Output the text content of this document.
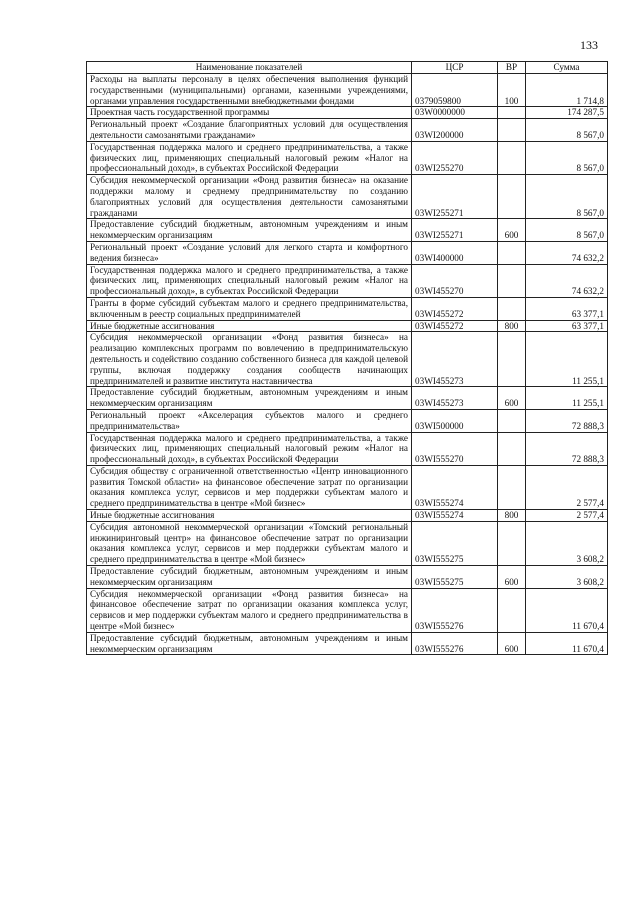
133
Наименование показателей	ЦСР	ВР	Сумма
Расходы на выплаты персоналу в целях обеспечения выполнения функций государственными (муниципальными) органами, казенными учреждениями, органами управления государственными внебюджетными фондами	0379059800	100	1 714,8
Проектная часть государственной программы	03W0000000		174 287,5
Региональный проект «Создание благоприятных условий для осуществления деятельности самозанятыми гражданами»	03WI200000		8 567,0
Государственная поддержка малого и среднего предпринимательства, а также физических лиц, применяющих специальный налоговый режим «Налог на профессиональный доход», в субъектах Российской Федерации	03WI255270		8 567,0
Субсидия некоммерческой организации «Фонд развития бизнеса» на оказание поддержки малому и среднему предпринимательству по созданию благоприятных условий для осуществления деятельности самозанятыми гражданами	03WI255271		8 567,0
Предоставление субсидий бюджетным, автономным учреждениям и иным некоммерческим организациям	03WI255271	600	8 567,0
Региональный проект «Создание условий для легкого старта и комфортного ведения бизнеса»	03WI400000		74 632,2
Государственная поддержка малого и среднего предпринимательства, а также физических лиц, применяющих специальный налоговый режим «Налог на профессиональный доход», в субъектах Российской Федерации	03WI455270		74 632,2
Гранты в форме субсидий субъектам малого и среднего предпринимательства, включенным в реестр социальных предпринимателей	03WI455272		63 377,1
Иные бюджетные ассигнования	03WI455272	800	63 377,1
Субсидия некоммерческой организации «Фонд развития бизнеса» на реализацию комплексных программ по вовлечению в предпринимательскую деятельность и содействию созданию собственного бизнеса для каждой целевой группы, включая поддержку создания сообществ начинающих предпринимателей и развитие института наставничества	03WI455273		11 255,1
Предоставление субсидий бюджетным, автономным учреждениям и иным некоммерческим организациям	03WI455273	600	11 255,1
Региональный проект «Акселерация субъектов малого и среднего предпринимательства»	03WI500000		72 888,3
Государственная поддержка малого и среднего предпринимательства, а также физических лиц, применяющих специальный налоговый режим «Налог на профессиональный доход», в субъектах Российской Федерации	03WI555270		72 888,3
Субсидия обществу с ограниченной ответственностью «Центр инновационного развития Томской области» на финансовое обеспечение затрат по организации оказания комплекса услуг, сервисов и мер поддержки субъектам малого и среднего предпринимательства в центре «Мой бизнес»	03WI555274		2 577,4
Иные бюджетные ассигнования	03WI555274	800	2 577,4
Субсидия автономной некоммерческой организации «Томский региональный инжиниринговый центр» на финансовое обеспечение затрат по организации оказания комплекса услуг, сервисов и мер поддержки субъектам малого и среднего предпринимательства в центре «Мой бизнес»	03WI555275		3 608,2
Предоставление субсидий бюджетным, автономным учреждениям и иным некоммерческим организациям	03WI555275	600	3 608,2
Субсидия некоммерческой организации «Фонд развития бизнеса» на финансовое обеспечение затрат по организации оказания комплекса услуг, сервисов и мер поддержки субъектам малого и среднего предпринимательства в центре «Мой бизнес»	03WI555276		11 670,4
Предоставление субсидий бюджетным, автономным учреждениям и иным некоммерческим организациям	03WI555276	600	11 670,4
